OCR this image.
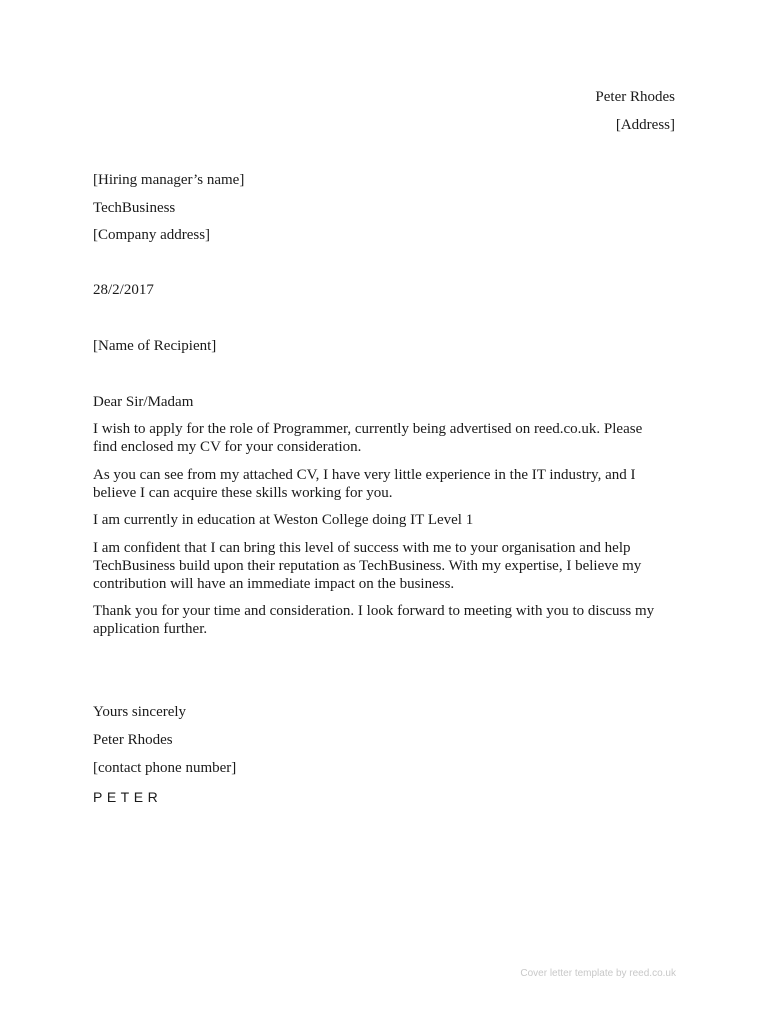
Peter Rhodes
[Address]
[Hiring manager’s name]
TechBusiness
[Company address]
28/2/2017
[Name of Recipient]
Dear Sir/Madam
I wish to apply for the role of Programmer, currently being advertised on reed.co.uk. Please
find enclosed my CV for your consideration.
As you can see from my attached CV, I have very little experience in the IT industry, and I
believe I can acquire these skills working for you.
I am currently in education at Weston College doing IT Level 1
I am confident that I can bring this level of success with me to your organisation and help
TechBusiness build upon their reputation as TechBusiness. With my expertise, I believe my
contribution will have an immediate impact on the business.
Thank you for your time and consideration. I look forward to meeting with you to discuss my
application further.
Yours sincerely
Peter Rhodes
[contact phone number]
PETER
Cover letter template by reed.co.uk
